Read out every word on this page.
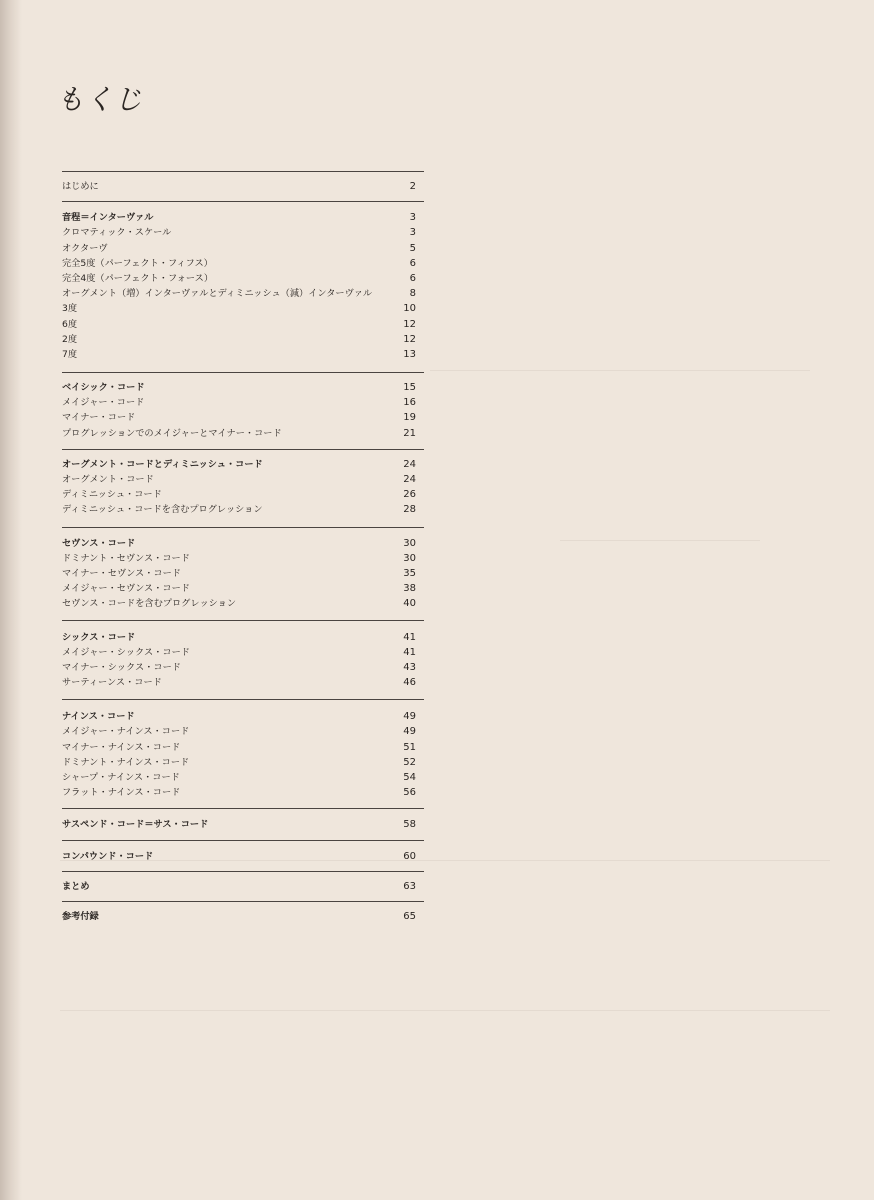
もくじ
はじめに	2
音程＝インターヴァル	3
クロマティック・スケール	3
オクターヴ	5
完全5度（パーフェクト・フィフス）	6
完全4度（パーフェクト・フォース）	6
オーグメント（増）インターヴァルとディミニッシュ（減）インターヴァル	8
3度	10
6度	12
2度	12
7度	13
ベイシック・コード	15
メイジャー・コード	16
マイナー・コード	19
プログレッションでのメイジャーとマイナー・コード	21
オーグメント・コードとディミニッシュ・コード	24
オーグメント・コード	24
ディミニッシュ・コード	26
ディミニッシュ・コードを含むプログレッション	28
セヴンス・コード	30
ドミナント・セヴンス・コード	30
マイナー・セヴンス・コード	35
メイジャー・セヴンス・コード	38
セヴンス・コードを含むプログレッション	40
シックス・コード	41
メイジャー・シックス・コード	41
マイナー・シックス・コード	43
サーティーンス・コード	46
ナインス・コード	49
メイジャー・ナインス・コード	49
マイナー・ナインス・コード	51
ドミナント・ナインス・コード	52
シャープ・ナインス・コード	54
フラット・ナインス・コード	56
サスペンド・コード＝サス・コード	58
コンパウンド・コード	60
まとめ	63
参考付録	65
